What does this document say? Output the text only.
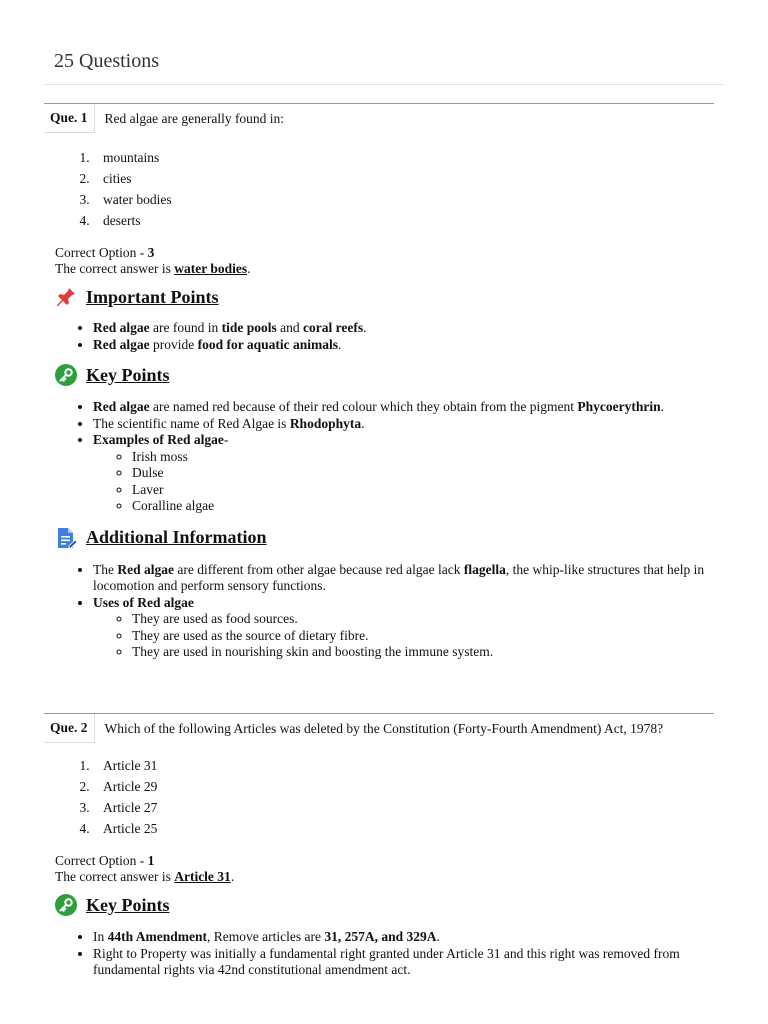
25 Questions
Que. 1	Red algae are generally found in:
1. mountains
2. cities
3. water bodies
4. deserts
Correct Option - 3
The correct answer is water bodies.
Important Points
• Red algae are found in tide pools and coral reefs.
• Red algae provide food for aquatic animals.
Key Points
• Red algae are named red because of their red colour which they obtain from the pigment Phycoerythrin.
• The scientific name of Red Algae is Rhodophyta.
• Examples of Red algae-
◦ Irish moss
◦ Dulse
◦ Laver
◦ Coralline algae
Additional Information
• The Red algae are different from other algae because red algae lack flagella, the whip-like structures that help in locomotion and perform sensory functions.
• Uses of Red algae
◦ They are used as food sources.
◦ They are used as the source of dietary fibre.
◦ They are used in nourishing skin and boosting the immune system.
Que. 2	Which of the following Articles was deleted by the Constitution (Forty-Fourth Amendment) Act, 1978?
1. Article 31
2. Article 29
3. Article 27
4. Article 25
Correct Option - 1
The correct answer is Article 31.
Key Points
• In 44th Amendment, Remove articles are 31, 257A, and 329A.
• Right to Property was initially a fundamental right granted under Article 31 and this right was removed from fundamental rights via 42nd constitutional amendment act.
